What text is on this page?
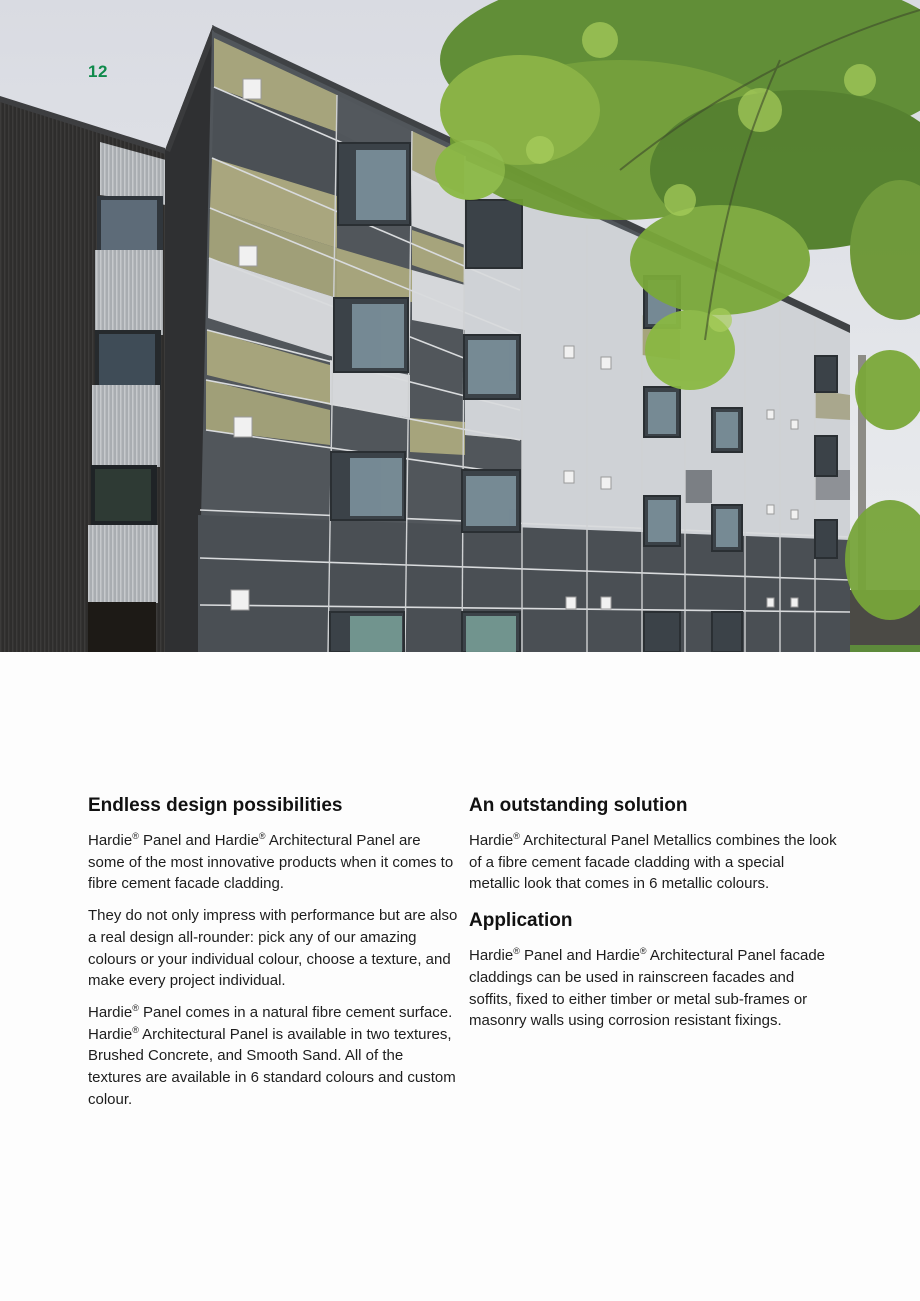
12
Endless design possibilities

Hardie® Panel and Hardie® Architectural Panel are some of the most innovative products when it comes to fibre cement facade cladding.

They do not only impress with performance but are also a real design all-rounder: pick any of our amazing colours or your individual colour, choose a texture, and make every project individual.

Hardie® Panel comes in a natural fibre cement surface. Hardie® Architectural Panel is available in two textures, Brushed Concrete, and Smooth Sand. All of the textures are available in 6 standard colours and custom colour.

An outstanding solution

Hardie® Architectural Panel Metallics combines the look of a fibre cement facade cladding with a special metallic look that comes in 6 metallic colours.

Application

Hardie® Panel and Hardie® Architectural Panel facade claddings can be used in rainscreen facades and soffits, fixed to either timber or metal sub-frames or masonry walls using corrosion resistant fixings.
